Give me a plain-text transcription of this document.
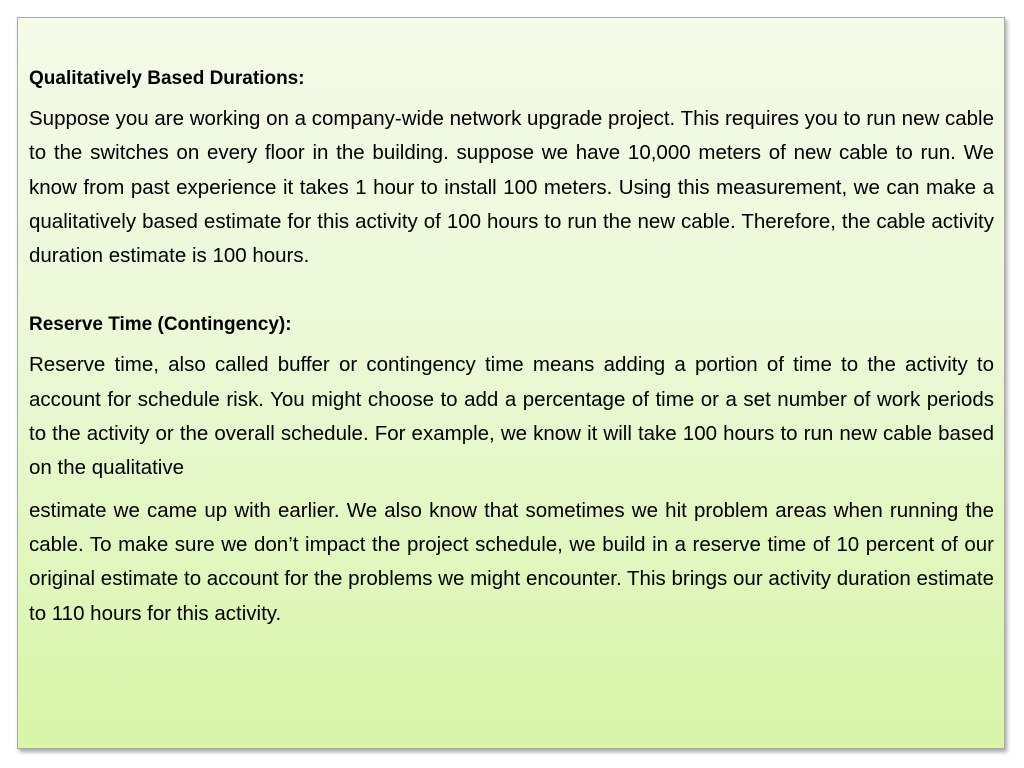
Qualitatively Based Durations:

Suppose you are working on a company-wide network upgrade project. This requires you to run new cable to the switches on every floor in the building. suppose we have 10,000 meters of new cable to run. We know from past experience it takes 1 hour to install 100 meters. Using this measurement, we can make a qualitatively based estimate for this activity of 100 hours to run the new cable. Therefore, the cable activity duration estimate is 100 hours.

Reserve Time (Contingency):

Reserve time, also called buffer or contingency time means adding a portion of time to the activity to account for schedule risk. You might choose to add a percentage of time or a set number of work periods to the activity or the overall schedule. For example, we know it will take 100 hours to run new cable based on the qualitative

estimate we came up with earlier. We also know that sometimes we hit problem areas when running the cable. To make sure we don’t impact the project schedule, we build in a reserve time of 10 percent of our original estimate to account for the problems we might encounter. This brings our activity duration estimate to 110 hours for this activity.
